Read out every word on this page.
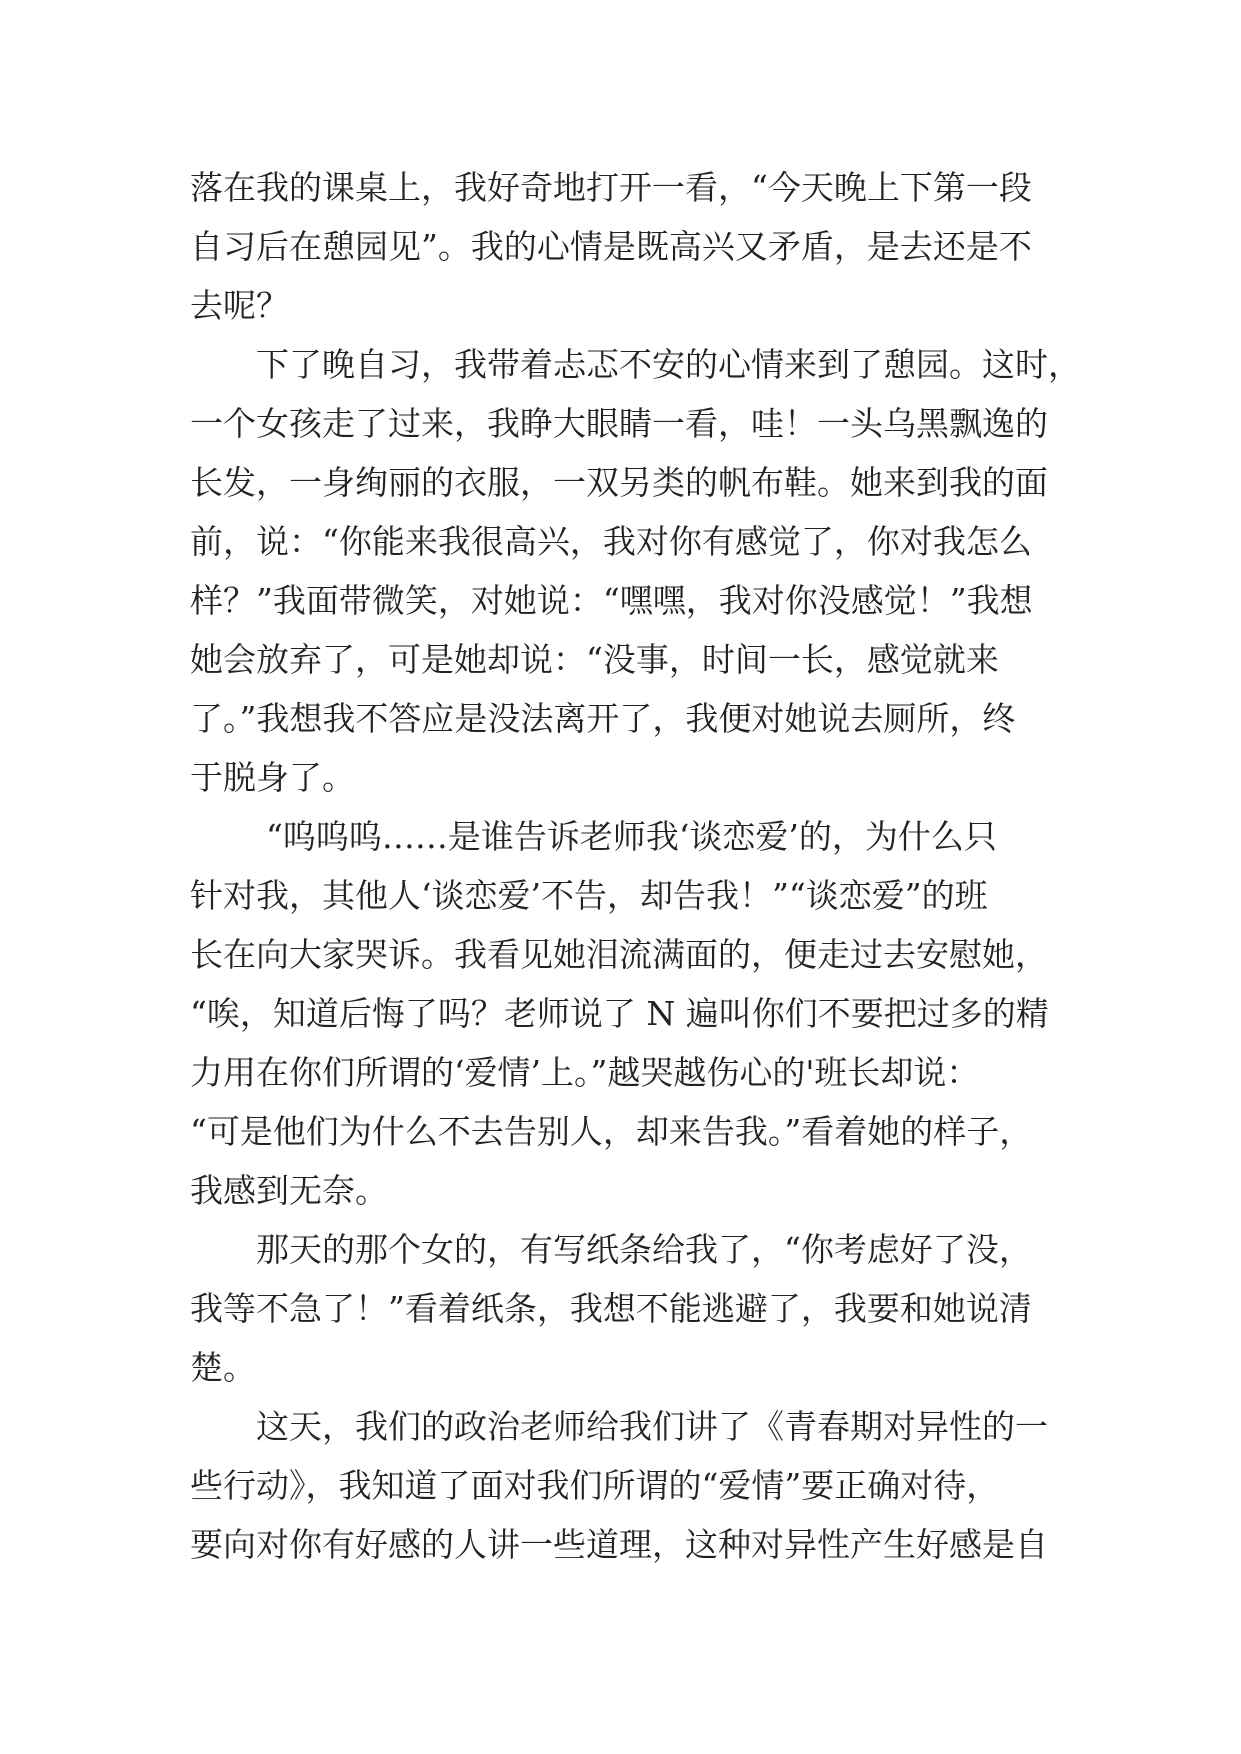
落在我的课桌上，我好奇地打开一看，“今天晚上下第一段
自习后在憩园见”。我的心情是既高兴又矛盾，是去还是不
去呢？
下了晚自习，我带着忐忑不安的心情来到了憩园。这时，
一个女孩走了过来，我睁大眼睛一看，哇！一头乌黑飘逸的
长发，一身绚丽的衣服，一双另类的帆布鞋。她来到我的面
前，说：“你能来我很高兴，我对你有感觉了，你对我怎么
样？”我面带微笑，对她说：“嘿嘿，我对你没感觉！”我想
她会放弃了，可是她却说：“没事，时间一长，感觉就来
了。”我想我不答应是没法离开了，我便对她说去厕所，终
于脱身了。
“呜呜呜……是谁告诉老师我‘谈恋爱’的，为什么只
针对我，其他人‘谈恋爱’不告，却告我！”“谈恋爱”的班
长在向大家哭诉。我看见她泪流满面的，便走过去安慰她，
“唉，知道后悔了吗？老师说了 N 遍叫你们不要把过多的精
力用在你们所谓的‘爱情’上。”越哭越伤心的'班长却说：
“可是他们为什么不去告别人，却来告我。”看着她的样子，
我感到无奈。
那天的那个女的，有写纸条给我了，“你考虑好了没，
我等不急了！”看着纸条，我想不能逃避了，我要和她说清
楚。
这天，我们的政治老师给我们讲了《青春期对异性的一
些行动》，我知道了面对我们所谓的“爱情”要正确对待，
要向对你有好感的人讲一些道理，这种对异性产生好感是自
